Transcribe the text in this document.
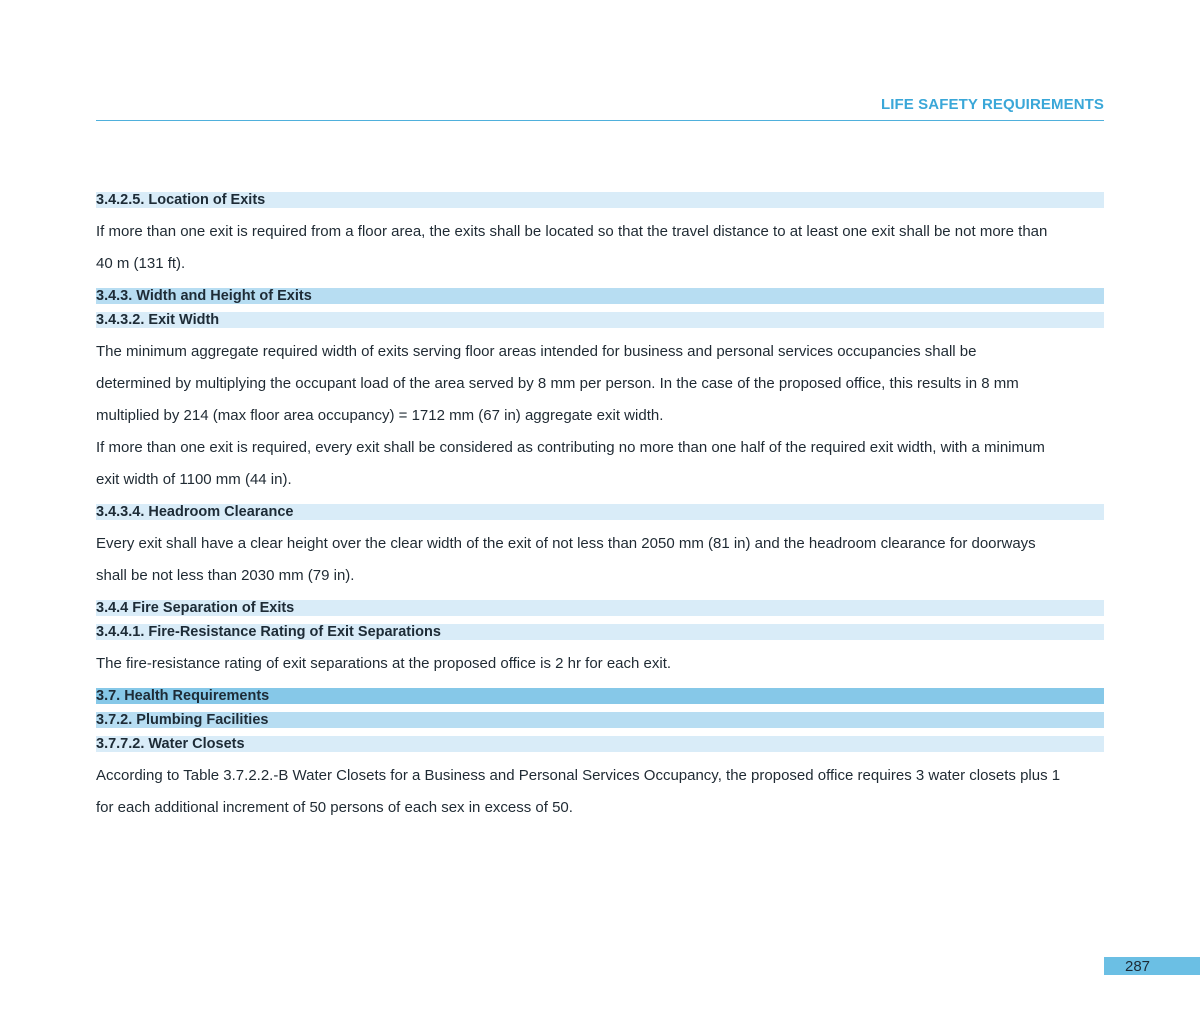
LIFE SAFETY REQUIREMENTS
3.4.2.5. Location of Exits

If more than one exit is required from a floor area, the exits shall be located so that the travel distance to at least one exit shall be not more than

40 m (131 ft).

3.4.3. Width and Height of Exits
3.4.3.2. Exit Width

The minimum aggregate required width of exits serving floor areas intended for business and personal services occupancies shall be

determined by multiplying the occupant load of the area served by 8 mm per person. In the case of the proposed office, this results in 8 mm

multiplied by 214 (max floor area occupancy) = 1712 mm (67 in) aggregate exit width.

If more than one exit is required, every exit shall be considered as contributing no more than one half of the required exit width, with a minimum

exit width of 1100 mm (44 in).

3.4.3.4. Headroom Clearance

Every exit shall have a clear height over the clear width of the exit of not less than 2050 mm (81 in) and the headroom clearance for doorways

shall be not less than 2030 mm (79 in).

3.4.4 Fire Separation of Exits
3.4.4.1. Fire-Resistance Rating of Exit Separations

The fire-resistance rating of exit separations at the proposed office is 2 hr for each exit.

3.7. Health Requirements
3.7.2. Plumbing Facilities
3.7.7.2. Water Closets

According to Table 3.7.2.2.-B Water Closets for a Business and Personal Services Occupancy, the proposed office requires 3 water closets plus 1

for each additional increment of 50 persons of each sex in excess of 50.

287
